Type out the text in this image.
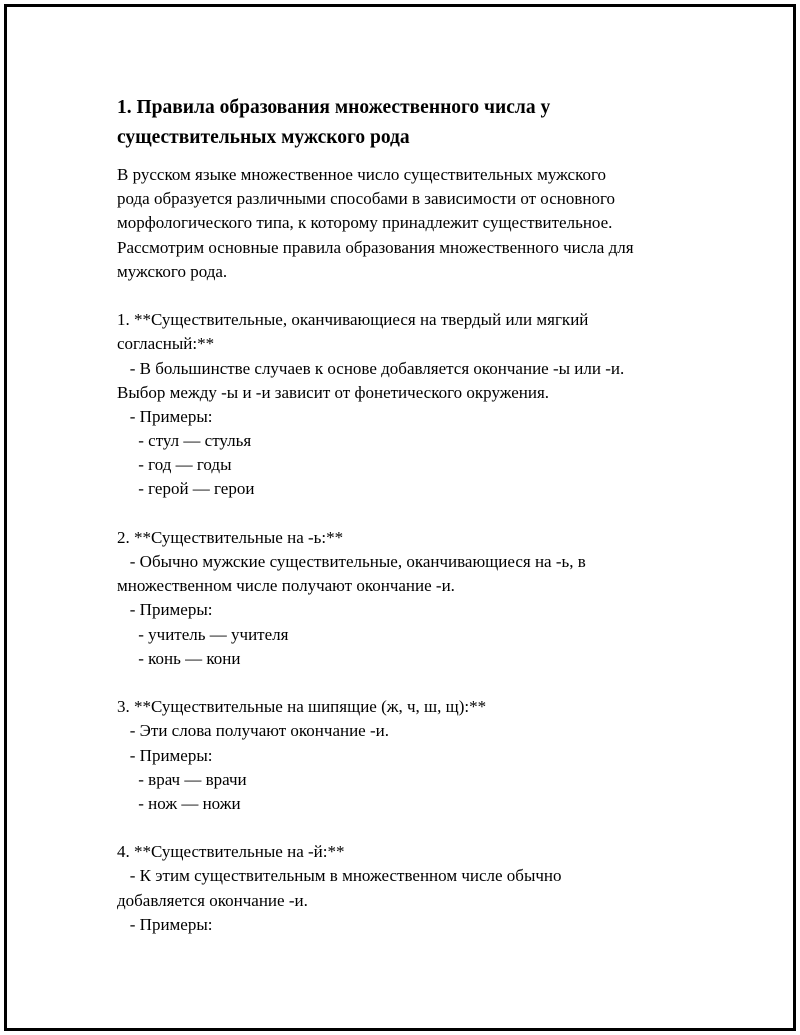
1. Правила образования множественного числа у
существительных мужского рода
В русском языке множественное число существительных мужского
рода образуется различными способами в зависимости от основного
морфологического типа, к которому принадлежит существительное.
Рассмотрим основные правила образования множественного числа для
мужского рода.
1. **Существительные, оканчивающиеся на твердый или мягкий
согласный:**
- В большинстве случаев к основе добавляется окончание -ы или -и.
Выбор между -ы и -и зависит от фонетического окружения.
- Примеры:
- стул — стулья
- год — годы
- герой — герои
2. **Существительные на -ь:**
- Обычно мужские существительные, оканчивающиеся на -ь, в
множественном числе получают окончание -и.
- Примеры:
- учитель — учителя
- конь — кони
3. **Существительные на шипящие (ж, ч, ш, щ):**
- Эти слова получают окончание -и.
- Примеры:
- врач — врачи
- нож — ножи
4. **Существительные на -й:**
- К этим существительным в множественном числе обычно
добавляется окончание -и.
- Примеры:
